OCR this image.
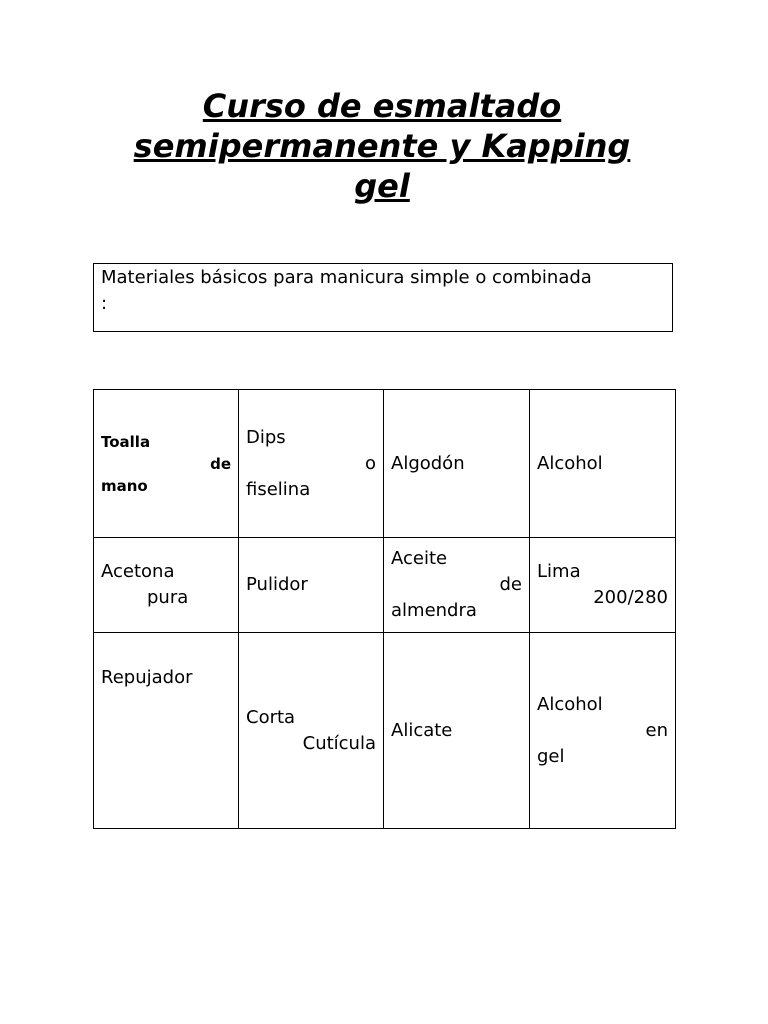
Curso de esmaltado
semipermanente y Kapping
gel
Materiales básicos para manicura simple o combinada
:
Toalla
de
mano	Dips
o
fiselina	Algodón	Alcohol

Acetona
pura	Pulidor	Aceite
de
almendra	Lima
200/280

Repujador	Corta
Cutícula	Alicate	Alcohol
en
gel
